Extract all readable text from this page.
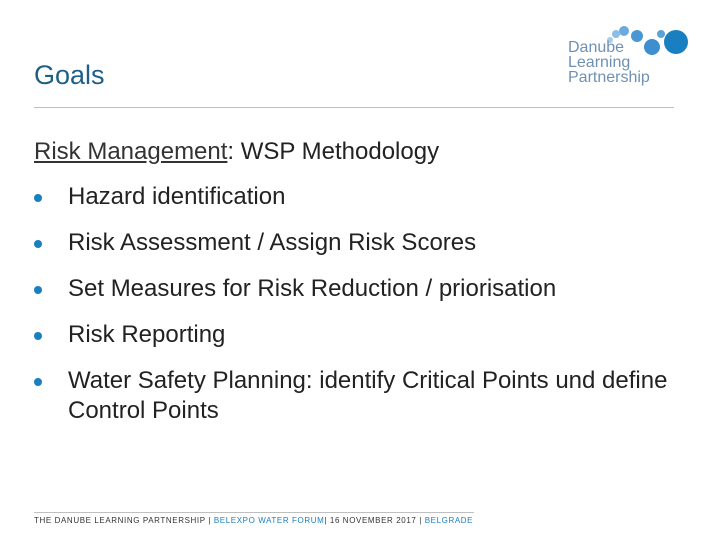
Goals
Danube
Learning
Partnership
Risk Management: WSP Methodology
Hazard identification
Risk Assessment / Assign Risk Scores
Set Measures for Risk Reduction / priorisation
Risk Reporting
Water Safety Planning: identify Critical Points und define Control Points
THE DANUBE LEARNING PARTNERSHIP | BELEXPO WATER FORUM| 16 NOVEMBER 2017 | BELGRADE
